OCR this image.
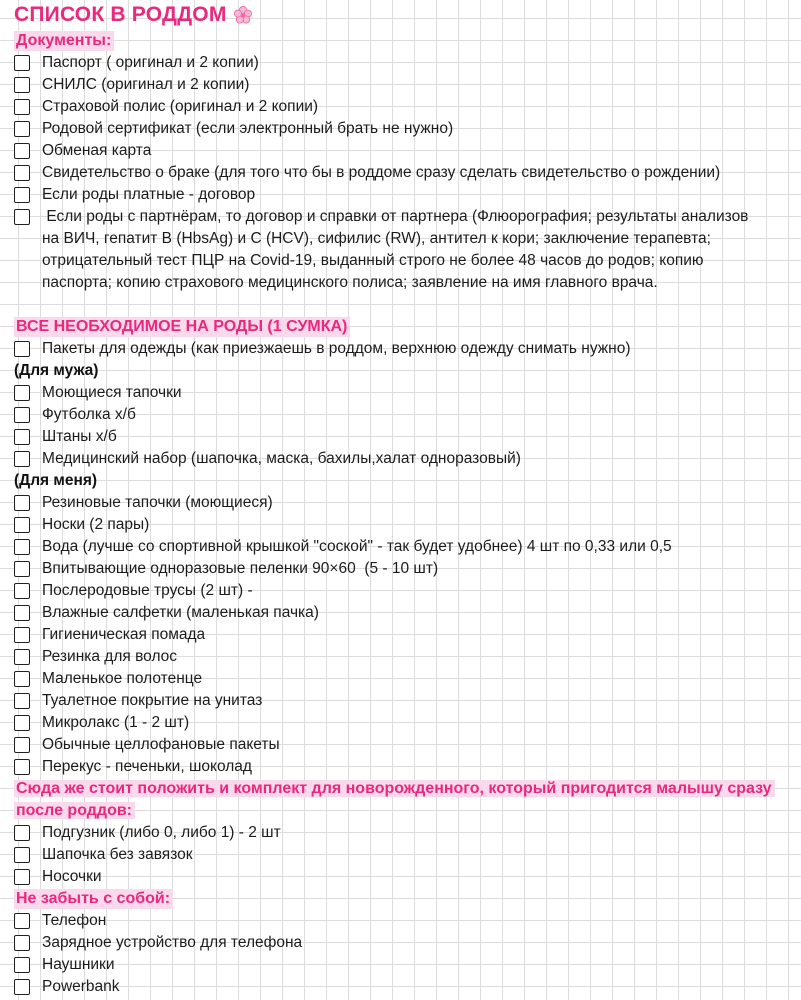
СПИСОК В РОДДОМ
Документы:
Паспорт ( оригинал и 2 копии)
СНИЛС (оригинал и 2 копии)
Страховой полис (оригинал и 2 копии)
Родовой сертификат (если электронный брать не нужно)
Обменая карта
Свидетельство о браке (для того что бы в роддоме сразу сделать свидетельство о рождении)
Если роды платные - договор
Если роды с партнёрам, то договор и справки от партнера (Флюорография; результаты анализов на ВИЧ, гепатит В (HbsAg) и С (HCV), сифилис (RW), антител к кори; заключение терапевта; отрицательный тест ПЦР на Covid-19, выданный строго не более 48 часов до родов; копию паспорта; копию страхового медицинского полиса; заявление на имя главного врача.
ВСЕ НЕОБХОДИМОЕ НА РОДЫ (1 СУМКА)
Пакеты для одежды (как приезжаешь в роддом, верхнюю одежду снимать нужно)
(Для мужа)
Моющиеся тапочки
Футболка х/б
Штаны х/б
Медицинский набор (шапочка, маска, бахилы,халат одноразовый)
(Для меня)
Резиновые тапочки (моющиеся)
Носки (2 пары)
Вода (лучше со спортивной крышкой "соской" - так будет удобнее) 4 шт по 0,33 или 0,5
Впитывающие одноразовые пеленки 90×60  (5 - 10 шт)
Послеродовые трусы (2 шт) -
Влажные салфетки (маленькая пачка)
Гигиеническая помада
Резинка для волос
Маленькое полотенце
Туалетное покрытие на унитаз
Микролакс (1 - 2 шт)
Обычные целлофановые пакеты
Перекус - печеньки, шоколад
Сюда же стоит положить и комплект для новорожденного, который пригодится малышу сразу после роддов:
Подгузник (либо 0, либо 1) - 2 шт
Шапочка без завязок
Носочки
Не забыть с собой:
Телефон
Зарядное устройство для телефона
Наушники
Powerbank
